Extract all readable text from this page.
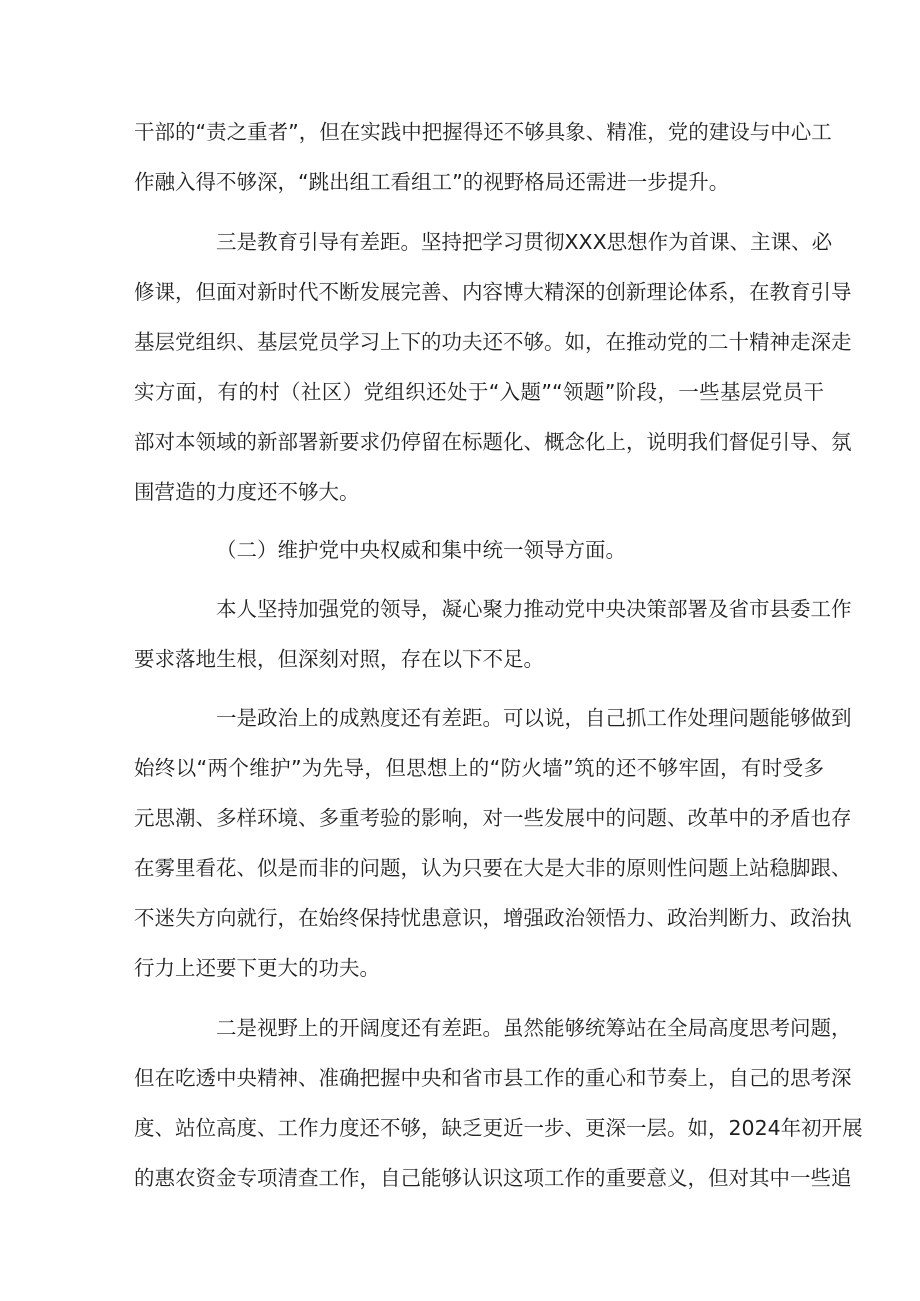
干部的“责之重者”，但在实践中把握得还不够具象、精准，党的建设与中心工
作融入得不够深，“跳出组工看组工”的视野格局还需进一步提升。
三是教育引导有差距。坚持把学习贯彻XXX思想作为首课、主课、必
修课，但面对新时代不断发展完善、内容博大精深的创新理论体系，在教育引导
基层党组织、基层党员学习上下的功夫还不够。如，在推动党的二十精神走深走
实方面，有的村（社区）党组织还处于“入题”“领题”阶段，一些基层党员干
部对本领域的新部署新要求仍停留在标题化、概念化上，说明我们督促引导、氛
围营造的力度还不够大。
（二）维护党中央权威和集中统一领导方面。
本人坚持加强党的领导，凝心聚力推动党中央决策部署及省市县委工作
要求落地生根，但深刻对照，存在以下不足。
一是政治上的成熟度还有差距。可以说，自己抓工作处理问题能够做到
始终以“两个维护”为先导，但思想上的“防火墙”筑的还不够牢固，有时受多
元思潮、多样环境、多重考验的影响，对一些发展中的问题、改革中的矛盾也存
在雾里看花、似是而非的问题，认为只要在大是大非的原则性问题上站稳脚跟、
不迷失方向就行，在始终保持忧患意识，增强政治领悟力、政治判断力、政治执
行力上还要下更大的功夫。
二是视野上的开阔度还有差距。虽然能够统筹站在全局高度思考问题，
但在吃透中央精神、准确把握中央和省市县工作的重心和节奏上，自己的思考深
度、站位高度、工作力度还不够，缺乏更近一步、更深一层。如，2024年初开展
的惠农资金专项清查工作，自己能够认识这项工作的重要意义，但对其中一些追
